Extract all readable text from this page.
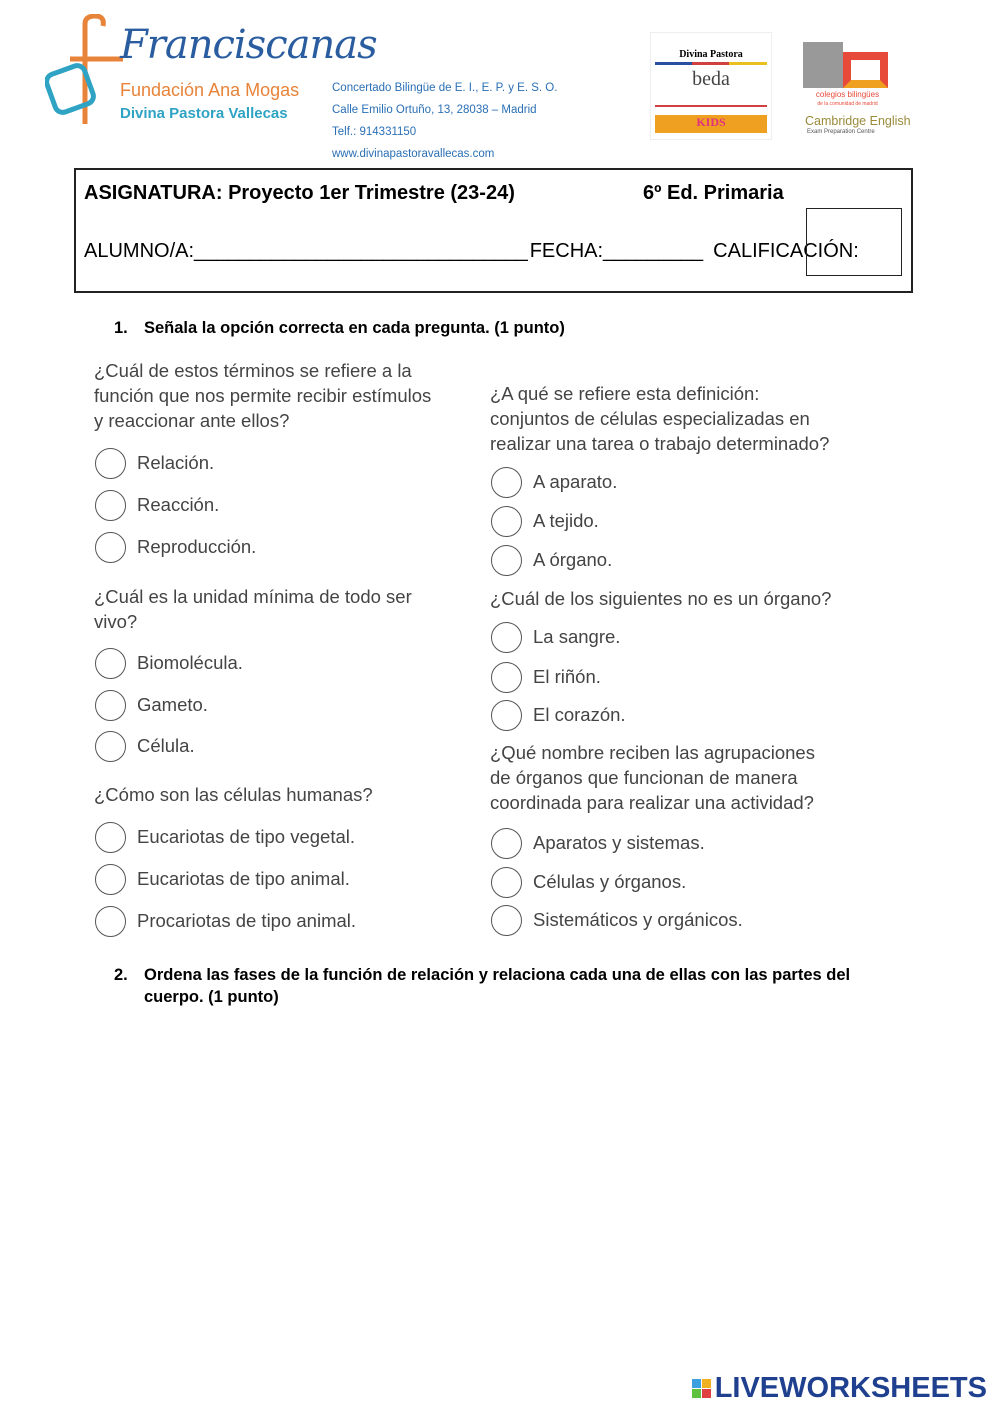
Franciscanas
Fundación Ana Mogas
Divina Pastora Vallecas
Concertado Bilingüe de E. I., E. P. y E. S. O.
Calle Emilio Ortuño, 13, 28038 – Madrid
Telf.: 914331150
www.divinapastoravallecas.com
Divina Pastora
beda
KIDS
colegios bilingües
de la comunidad de madrid
Cambridge English
Exam Preparation Centre
ASIGNATURA: Proyecto 1er Trimestre (23-24)	6º Ed. Primaria
ALUMNO/A:______________________________ FECHA:_________ CALIFICACIÓN:
1. Señala la opción correcta en cada pregunta. (1 punto)
¿Cuál de estos términos se refiere a la
función que nos permite recibir estímulos
y reaccionar ante ellos?
Relación.
Reacción.
Reproducción.
¿Cuál es la unidad mínima de todo ser
vivo?
Biomolécula.
Gameto.
Célula.
¿Cómo son las células humanas?
Eucariotas de tipo vegetal.
Eucariotas de tipo animal.
Procariotas de tipo animal.
¿A qué se refiere esta definición:
conjuntos de células especializadas en
realizar una tarea o trabajo determinado?
A aparato.
A tejido.
A órgano.
¿Cuál de los siguientes no es un órgano?
La sangre.
El riñón.
El corazón.
¿Qué nombre reciben las agrupaciones
de órganos que funcionan de manera
coordinada para realizar una actividad?
Aparatos y sistemas.
Células y órganos.
Sistemáticos y orgánicos.
2. Ordena las fases de la función de relación y relaciona cada una de ellas con las partes del
cuerpo. (1 punto)
LIVEWORKSHEETS
